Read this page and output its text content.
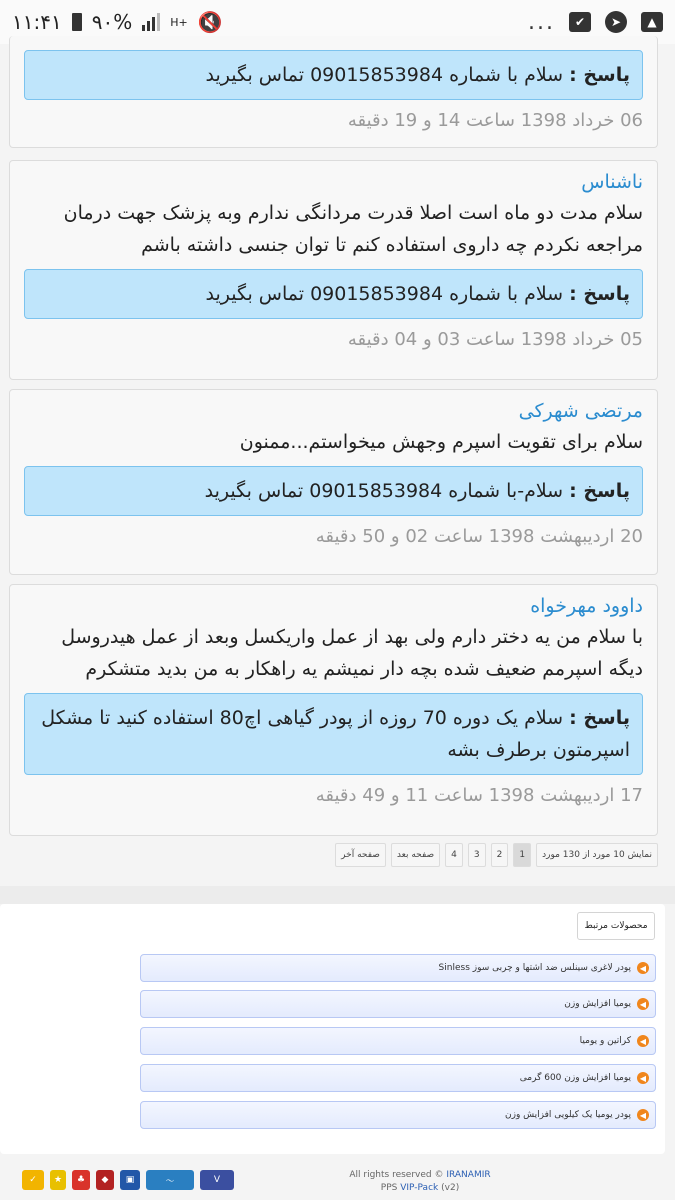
۱۱:۴۱ ۹۰%	H+ 🔇	...	✔	➤	▲
پاسخ : سلام با شماره 09015853984 تماس بگیرید
06 خرداد 1398 ساعت 14 و 19 دقیقه
ناشناس
سلام مدت دو ماه است اصلا قدرت مردانگی ندارم وبه پزشک جهت درمان مراجعه نکردم چه داروی استفاده کنم تا توان جنسی داشته باشم
پاسخ : سلام با شماره 09015853984 تماس بگیرید
05 خرداد 1398 ساعت 03 و 04 دقیقه
مرتضی شهرکی
سلام برای تقویت اسپرم وجهش میخواستم...ممنون
پاسخ : سلام-با شماره 09015853984 تماس بگیرید
20 اردیبهشت 1398 ساعت 02 و 50 دقیقه
داوود مهرخواه
با سلام من یه دختر دارم ولی بهد از عمل واریکسل وبعد از عمل هیدروسل دیگه اسپرمم ضعیف شده بچه دار نمیشم یه راهکار به من بدید متشکرم
پاسخ : سلام یک دوره 70 روزه از پودر گیاهی اچ80 استفاده کنید تا مشکل اسپرمتون برطرف بشه
17 اردیبهشت 1398 ساعت 11 و 49 دقیقه
نمایش 10 مورد از 130 مورد
1
2
3
4
صفحه بعد
صفحه آخر
محصولات مرتبط
◀
پودر لاغری سینلس ضد اشتها و چربی سوز Sinless
◀
یومیا افزایش وزن
◀
کراتین و یومیا
◀
یومیا افزایش وزن 600 گرمی
◀
پودر یومیا یک کیلویی افزایش وزن
✓	★	♣	◆	▣	〜	V	All rights reserved © IRANAMIR
PPS VIP-Pack (v2)
